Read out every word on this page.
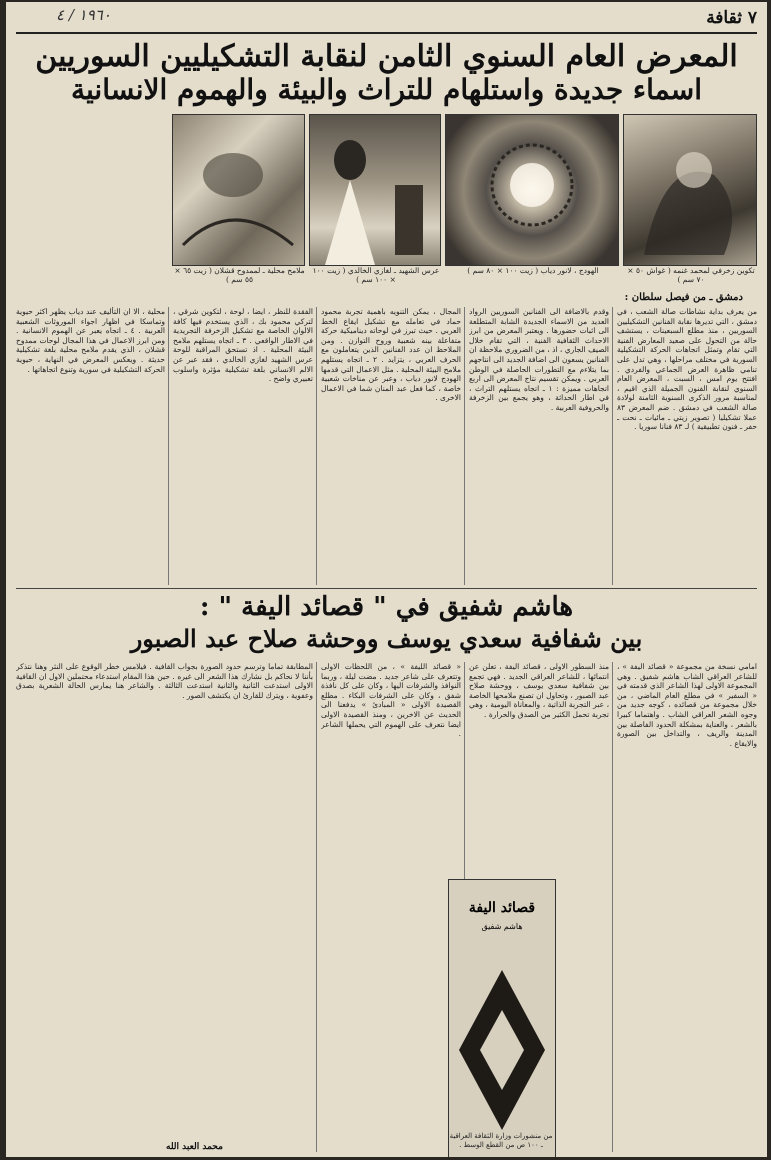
٧ ثقافة
١٩٦٠ / ٤
المعرض العام السنوي الثامن لنقابة التشكيليين السوريين
اسماء جديدة واستلهام للتراث والبيئة والهموم الانسانية
تكوين زخرفي لمحمد غنمه ( غواش ٥٠ × ٧٠ سم )
الهودج ، لانور دياب ( زيت ١٠٠ × ٨٠ سم )
عرس الشهيد ـ لغازي الخالدي ( زيت ١٠٠ × ١٠٠ سم )
ملامح محلية ـ لممدوح قشلان ( زيت ٦٥ × ٥٥ سم )
دمشق ـ من فيصل سلطان :
من يعرف بداية نشاطات صالة الشعب ، في دمشق ، التي تديرها نقابة الفنانين التشكيليين السوريين ، منذ مطلع السبعينات ، يستشف حالة من التحول على صعيد المعارض الفنية التي تقام وتمثل اتجاهات الحركة التشكيلية السورية في مختلف مراحلها ، وهي تدل على تنامي ظاهرة العرض الجماعي والفردي . افتتح يوم امس ، السبت ، المعرض العام السنوي لنقابة الفنون الجميلة الذي اقيم ، لمناسبة مرور الذكرى السنوية الثامنة لولادة صالة الشعب في دمشق . ضم المعرض ٨٣ عملا تشكيليا ( تصوير زيتي ـ مائيات ـ نحت ـ حفر ـ فنون تطبيقية ) لـ ٨٣ فنانا سوريا .
وقدم بالاضافة الى الفنانين السوريين الرواد العديد من الاسماء الجديدة الشابة المتطلعة الى اثبات حضورها . ويعتبر المعرض من ابرز الاحداث الثقافية الفنية ، التي تقام خلال الصيف الجاري ، اذ ، من الضروري ملاحظة ان الفنانين يسعون الى اضافة الجديد الى انتاجهم بما يتلاءم مع التطورات الحاصلة في الوطن العربي . ويمكن تقسيم نتاج المعرض الى اربع اتجاهات مميزة : ١ ـ اتجاه يستلهم التراث ، في اطار الحداثة ، وهو يجمع بين الزخرفة والحروفية العربية .
المجال ، يمكن التنويه باهمية تجربة محمود حماد في تعامله مع تشكيل ايقاع الخط العربي . حيث تبرز في لوحاته ديناميكية حركة متفاعلة بينه شعبية وروح التوازن . ومن الملاحظ ان عدد الفنانين الذين يتعاملون مع الحرف العربي ، يتزايد . ٢ ـ اتجاه يستلهم ملامح البيئة المحلية . مثل الاعمال التي قدمها الهودج لانور دياب ، وعبر عن مناخات شعبية خاصة ، كما فعل عبد المنان شما في الاعمال الاخرى .
الفقدة للنظر ، ايضا ، لوحة ، لتكوين شرقي ، لتركي محمود بك ، الذي يستخدم فيها كافة الالوان الخاصة مع تشكيل الزخرفة التجريدية في الاطار الواقعي . ٣ ـ اتجاه يستلهم ملامح البيئة المحلية . اذ تستحق المراقبة للوحة عرس الشهيد لغازي الخالدي ، فقد عبر عن الالم الانساني بلغة تشكيلية مؤثرة واسلوب تعبيري واضح .
محلية ، الا ان التأليف عند دياب يظهر اكثر حيوية وتماسكا في اظهار اجواء الموروثات الشعبية العربية . ٤ ـ اتجاه يعبر عن الهموم الانسانية . ومن ابرز الاعمال في هذا المجال لوحات ممدوح قشلان ، الذي يقدم ملامح محلية بلغة تشكيلية حديثة . ويعكس المعرض في النهاية ، حيوية الحركة التشكيلية في سورية وتنوع اتجاهاتها .
هاشم شفيق في " قصائد اليفة " :
بين شفافية سعدي يوسف ووحشة صلاح عبد الصبور
امامي نسخة من مجموعة « قصائد اليفة » ، للشاعر العراقي الشاب هاشم شفيق . وهي المجموعة الاولى لهذا الشاعر الذي قدمته في « السفير » في مطلع العام الماضي ، من خلال مجموعة من قصائده ، كوجه جديد من وجوه الشعر العراقي الشاب . واهتماما كبيرا بالشعر ، والعناية بمشكلة الحدود الفاصلة بين المدينة والريف ، والتداخل بين الصورة والايقاع .
منذ السطور الاولى ، قصائد اليفة ، تعلن عن انتمائها ، للشاعر العراقي الجديد . فهي تجمع بين شفافية سعدي يوسف ، ووحشة صلاح عبد الصبور ، وتحاول ان تصنع ملامحها الخاصة ، عبر التجربة الذاتية ، والمعاناة اليومية ، وهي تجربة تحمل الكثير من الصدق والحرارة .
« قصائد الليفة » ، من اللحظات الاولى وتتعرف على شاعر جديد . مضت ليلة ، وربما النوافذ والشرفات اليها ، وكان على كل نافذة شفق ، وكان على الشرفات البكاء . مطلع القصيدة الاولى « المبادئ » يدفعنا الى الحديث عن الاخرين ، ومنذ القصيدة الاولى ايضا نتعرف على الهموم التي يحملها الشاعر .
المطابقة تماما وترسم حدود الصورة بجواب القافية . فيلامس خطر الوقوع على النثر وهنا نتذكر بأننا لا نحاكم بل نشارك هذا الشعر الى غيره . حين هذا المقام استدعاء محتملين الاول ان القافية الاولى استدعت الثانية والثانية استدعت الثالثة . والشاعر هنا يمارس الحالة الشعرية بصدق وعفوية ، ويترك للقارئ ان يكتشف الصور .
قصائد اليفة
هاشم شفيق
من منشورات وزارة الثقافة العراقية ـ ١٠٠ ص من القطع الوسط .
محمد العبد الله
